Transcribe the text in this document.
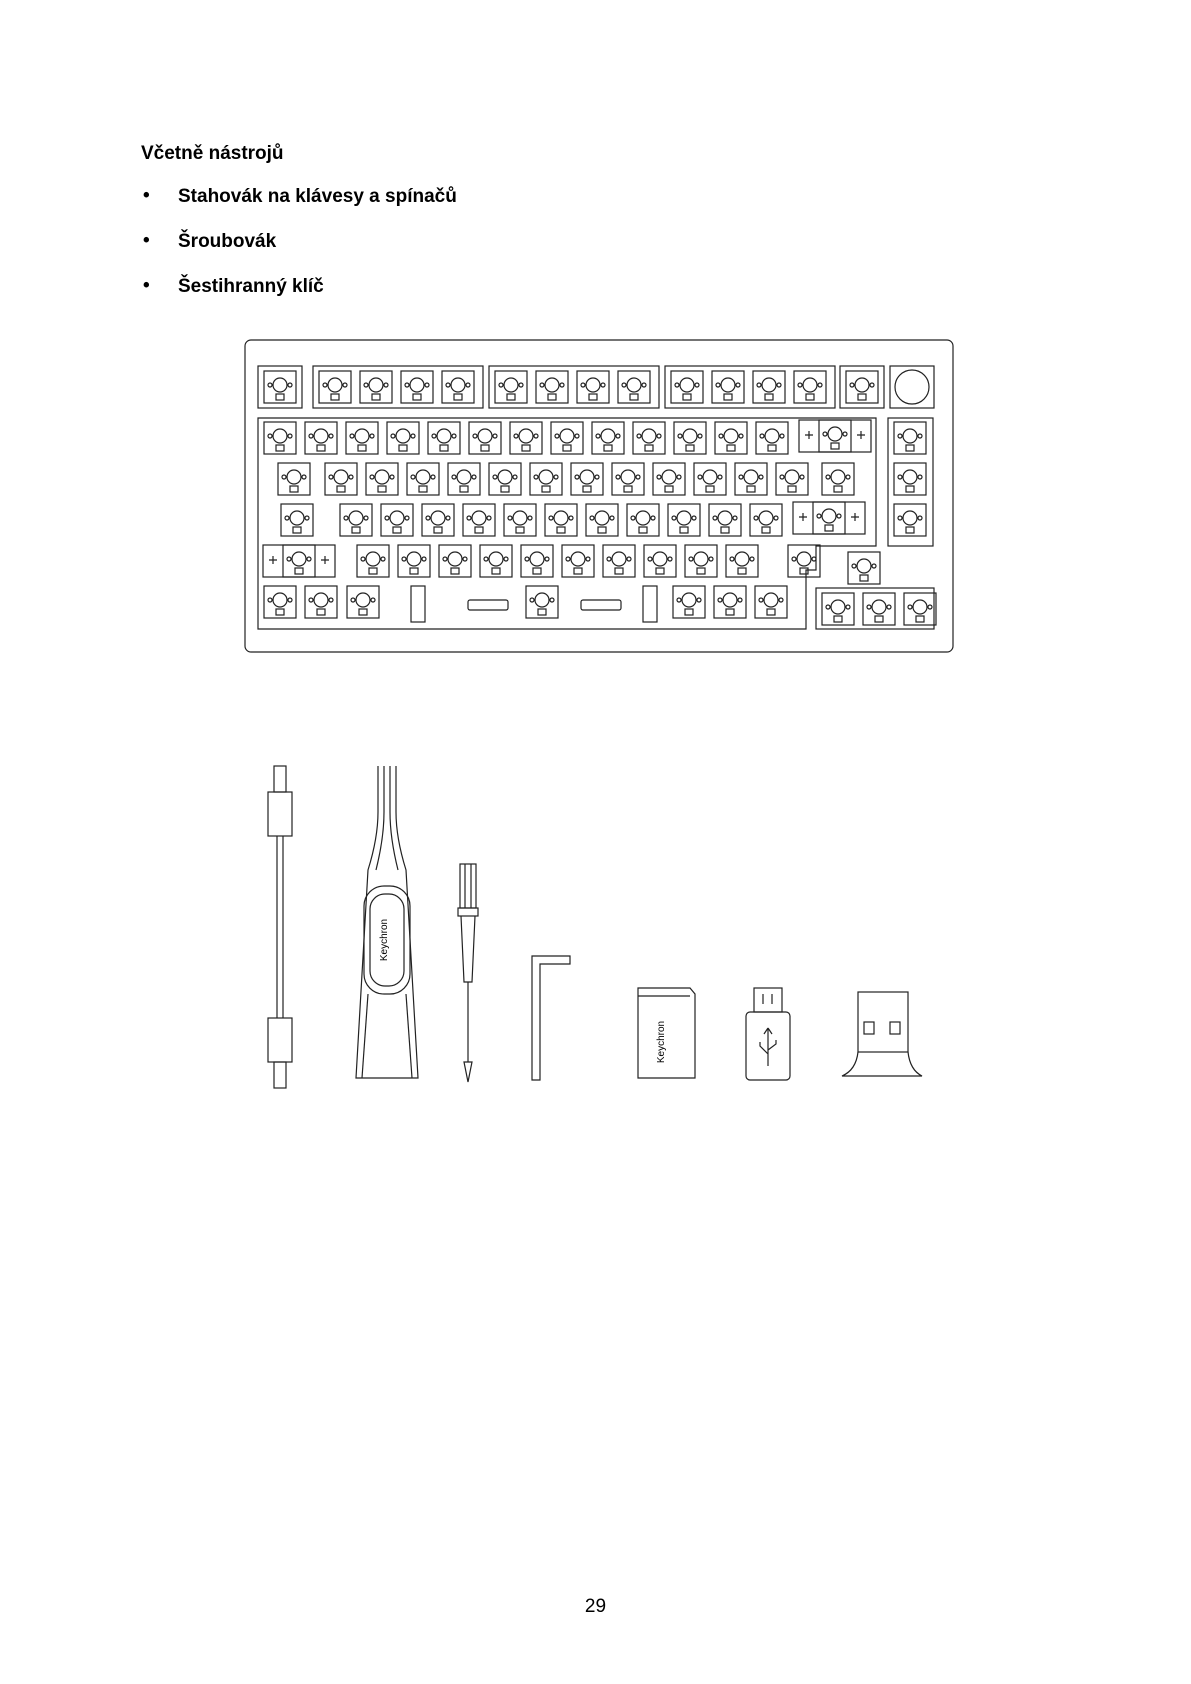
Včetně nástrojů
• Stahovák na klávesy a spínačů
• Šroubovák
• Šestihranný klíč
Keychron
Keychron
29
